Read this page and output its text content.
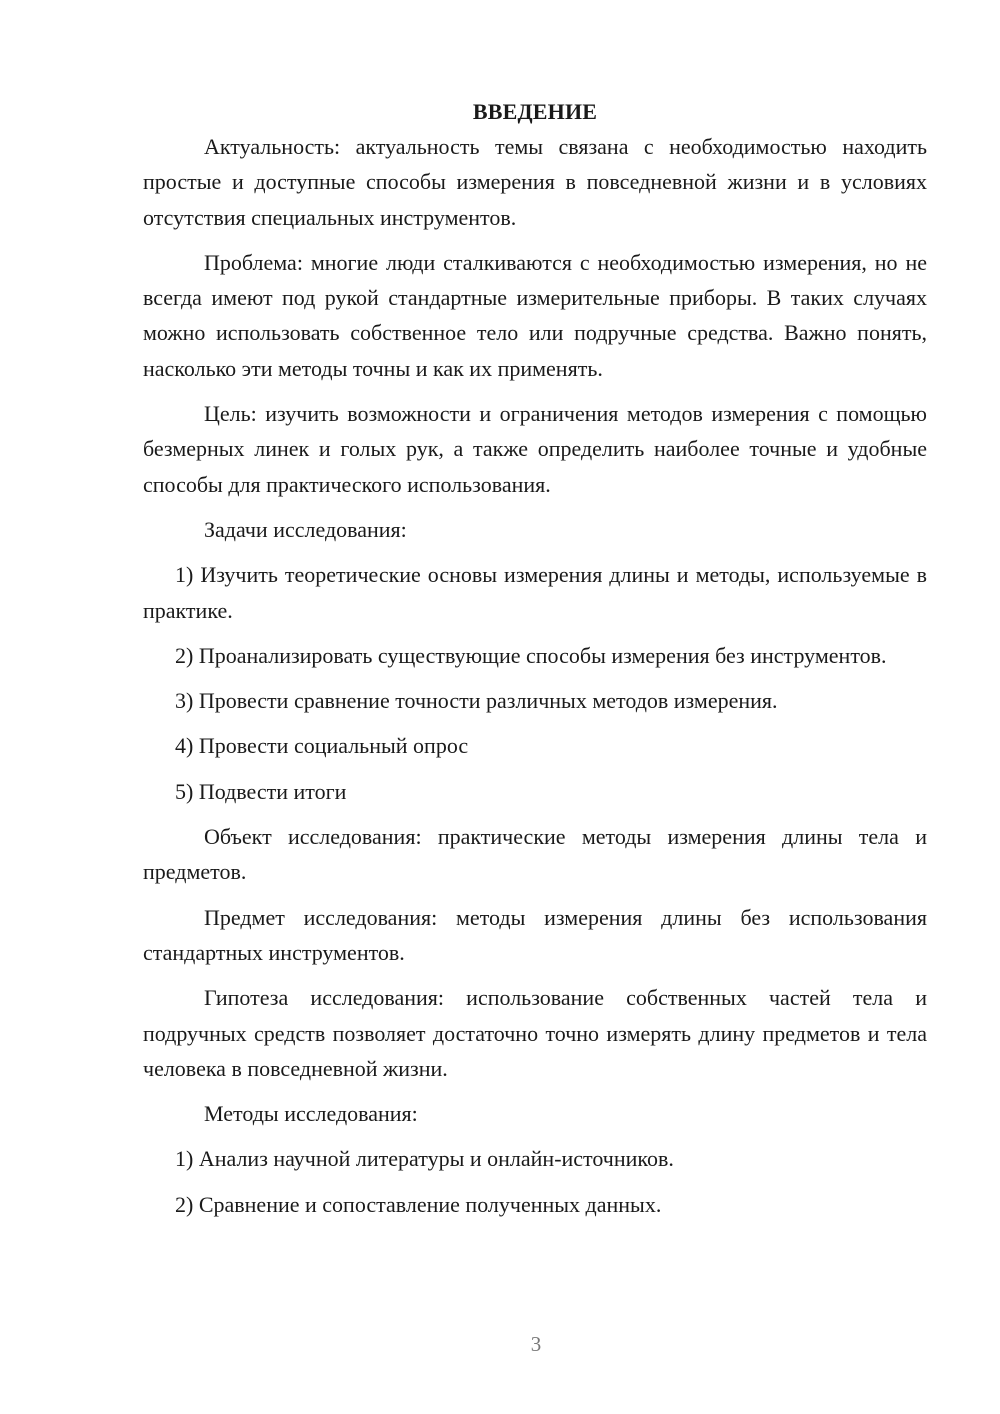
ВВЕДЕНИЕ

Актуальность: актуальность темы связана с необходимостью находить простые и доступные способы измерения в повседневной жизни и в условиях отсутствия специальных инструментов.

Проблема: многие люди сталкиваются с необходимостью измерения, но не всегда имеют под рукой стандартные измерительные приборы. В таких случаях можно использовать собственное тело или подручные средства. Важно понять, насколько эти методы точны и как их применять.

Цель: изучить возможности и ограничения методов измерения с помощью безмерных линек и голых рук, а также определить наиболее точные и удобные способы для практического использования.

Задачи исследования:

1) Изучить теоретические основы измерения длины и методы, используемые в практике.

2) Проанализировать существующие способы измерения без инструментов.

3) Провести сравнение точности различных методов измерения.

4) Провести социальный опрос

5) Подвести итоги

Объект исследования: практические методы измерения длины тела и предметов.

Предмет исследования: методы измерения длины без использования стандартных инструментов.

Гипотеза исследования: использование собственных частей тела и подручных средств позволяет достаточно точно измерять длину предметов и тела человека в повседневной жизни.

Методы исследования:

1) Анализ научной литературы и онлайн-источников.

2) Сравнение и сопоставление полученных данных.

3
